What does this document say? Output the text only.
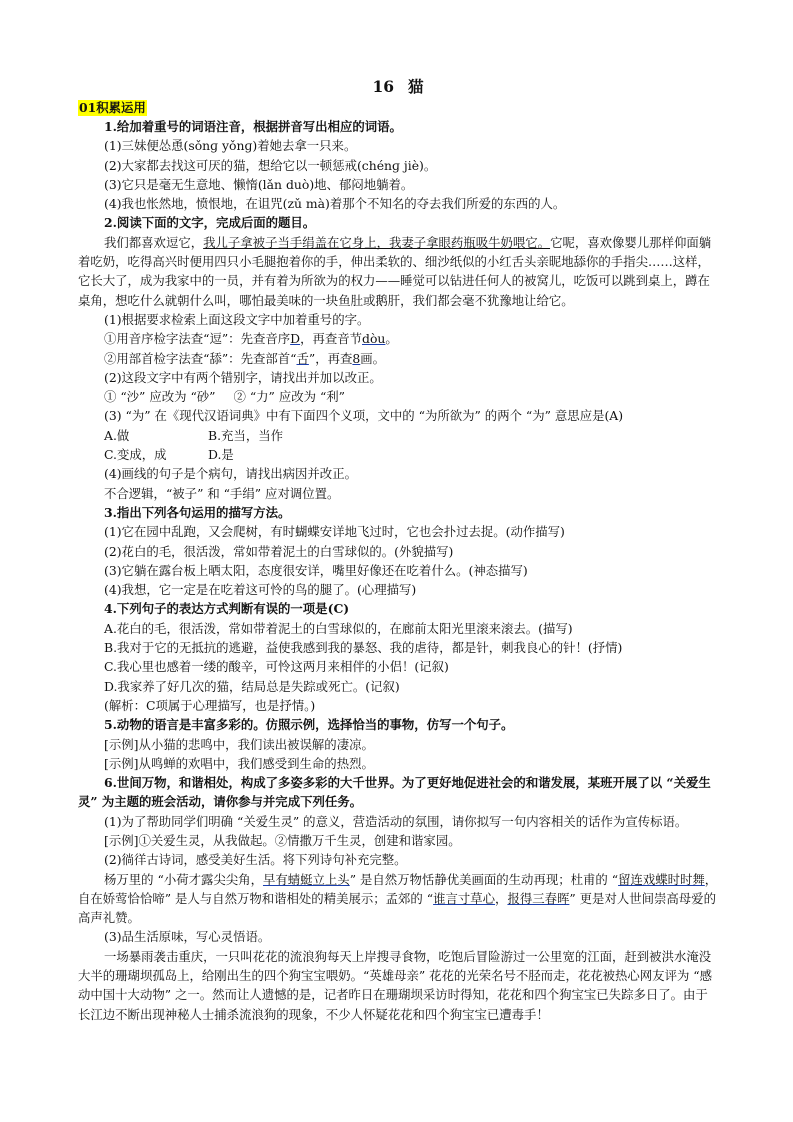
16 猫
01积累运用
1.给加着重号的词语注音，根据拼音写出相应的词语。
(1)三妹便怂恿(sǒnɡ yǒnɡ)着她去拿一只来。
(2)大家都去找这可厌的猫，想给它以一顿惩戒(chénɡ jiè)。
(3)它只是毫无生意地、懒惰(lǎn duò)地、郁闷地躺着。
(4)我也怅然地，愤恨地，在诅咒(zǔ mà)着那个不知名的夺去我们所爱的东西的人。
2.阅读下面的文字，完成后面的题目。
我们都喜欢逗它，我儿子拿被子当手绢盖在它身上，我妻子拿眼药瓶吸牛奶喂它。它呢，喜欢像婴儿那样仰面躺着吃奶，吃得高兴时便用四只小毛腿抱着你的手，伸出柔软的、细沙纸似的小红舌头亲昵地舔你的手指尖……这样，它长大了，成为我家中的一员，并有着为所欲为的权力——睡觉可以钻进任何人的被窝儿，吃饭可以跳到桌上，蹲在桌角，想吃什么就朝什么叫，哪怕最美味的一块鱼肚或鹅肝，我们都会毫不犹豫地让给它。
(1)根据要求检索上面这段文字中加着重号的字。
①用音序检字法查“逗”：先查音序D，再查音节dòu。
②用部首检字法查“舔”：先查部首“舌”，再查8画。
(2)这段文字中有两个错别字，请找出并加以改正。
① “沙” 应改为 “砂” ② “力” 应改为 “利”
(3) “为” 在《现代汉语词典》中有下面四个义项，文中的 “为所欲为” 的两个 “为” 意思应是(A)
A.做	B.充当，当作
C.变成，成	D.是
(4)画线的句子是个病句，请找出病因并改正。
不合逻辑，“被子” 和 “手绢” 应对调位置。
3.指出下列各句运用的描写方法。
(1)它在园中乱跑，又会爬树，有时蝴蝶安详地飞过时，它也会扑过去捉。(动作描写)
(2)花白的毛，很活泼，常如带着泥土的白雪球似的。(外貌描写)
(3)它躺在露台板上晒太阳，态度很安详，嘴里好像还在吃着什么。(神态描写)
(4)我想，它一定是在吃着这可怜的鸟的腿了。(心理描写)
4.下列句子的表达方式判断有误的一项是(C)
A.花白的毛，很活泼，常如带着泥土的白雪球似的，在廊前太阳光里滚来滚去。(描写)
B.我对于它的无抵抗的逃避，益使我感到我的暴怒、我的虐待，都是针，刺我良心的针！(抒情)
C.我心里也感着一缕的酸辛，可怜这两月来相伴的小侣！(记叙)
D.我家养了好几次的猫，结局总是失踪或死亡。(记叙)
(解析：C项属于心理描写，也是抒情。)
5.动物的语言是丰富多彩的。仿照示例，选择恰当的事物，仿写一个句子。
[示例]从小猫的悲鸣中，我们读出被误解的凄凉。
[示例]从鸣蝉的欢唱中，我们感受到生命的热烈。
6.世间万物，和谐相处，构成了多姿多彩的大千世界。为了更好地促进社会的和谐发展，某班开展了以 “关爱生灵” 为主题的班会活动，请你参与并完成下列任务。
(1)为了帮助同学们明确 “关爱生灵” 的意义，营造活动的氛围，请你拟写一句内容相关的话作为宣传标语。
[示例]①关爱生灵，从我做起。②情撒万千生灵，创建和谐家园。
(2)徜徉古诗词，感受美好生活。将下列诗句补充完整。
杨万里的 “小荷才露尖尖角，早有蜻蜓立上头” 是自然万物恬静优美画面的生动再现；杜甫的 “留连戏蝶时时舞，自在娇莺恰恰啼” 是人与自然万物和谐相处的精美展示；孟郊的 “谁言寸草心，报得三春晖” 更是对人世间崇高母爱的高声礼赞。
(3)品生活原味，写心灵悟语。
一场暴雨袭击重庆，一只叫花花的流浪狗每天上岸搜寻食物，吃饱后冒险游过一公里宽的江面，赶到被洪水淹没大半的珊瑚坝孤岛上，给刚出生的四个狗宝宝喂奶。“英雄母亲” 花花的光荣名号不胫而走，花花被热心网友评为 “感动中国十大动物” 之一。然而让人遗憾的是，记者昨日在珊瑚坝采访时得知，花花和四个狗宝宝已失踪多日了。由于长江边不断出现神秘人士捕杀流浪狗的现象，不少人怀疑花花和四个狗宝宝已遭毒手！
